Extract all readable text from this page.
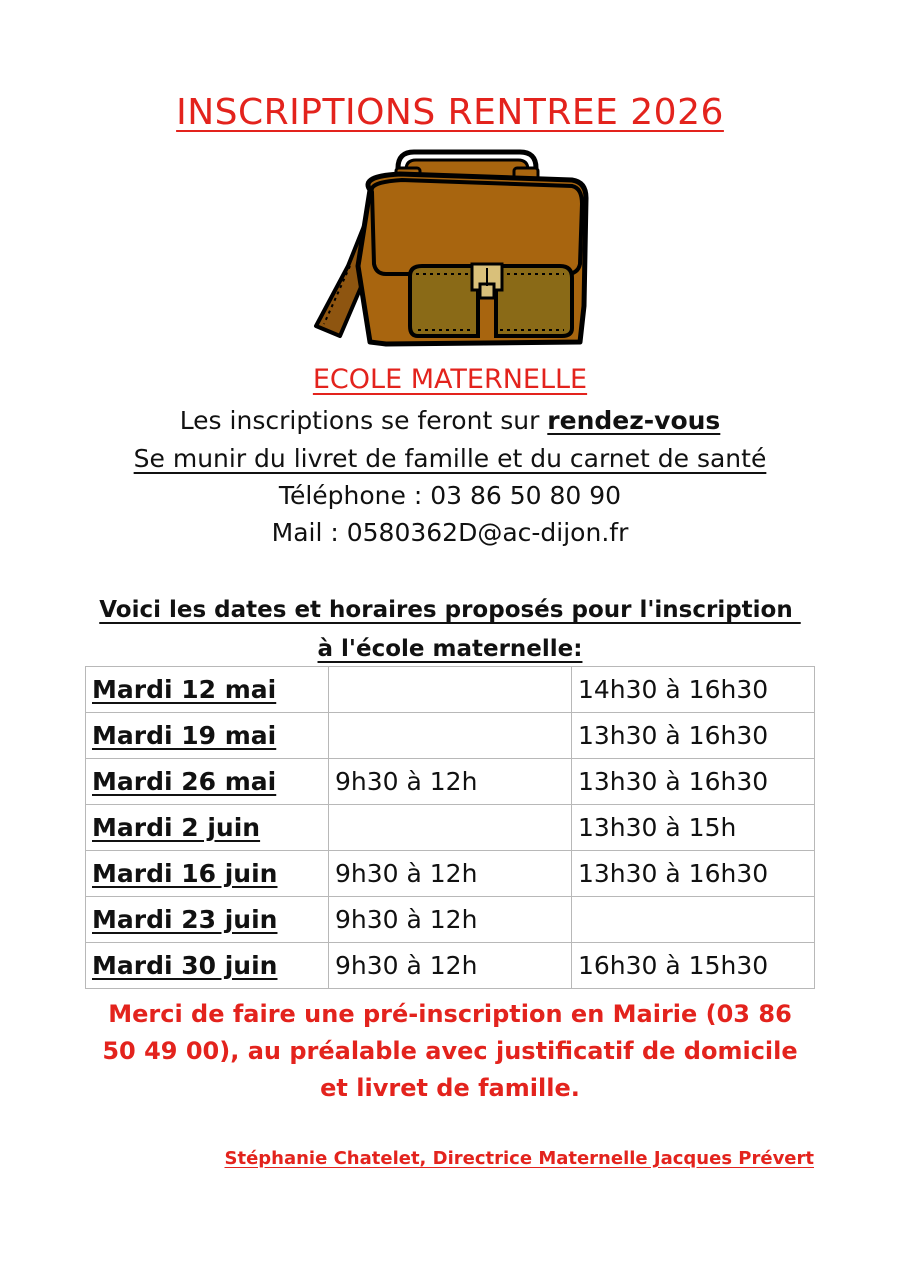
INSCRIPTIONS RENTREE 2026
ECOLE MATERNELLE
Les inscriptions se feront sur rendez-vous
Se munir du livret de famille et du carnet de santé
Téléphone : 03 86 50 80 90
Mail : 0580362D@ac-dijon.fr
Voici les dates et horaires proposés pour l'inscription
à l'école maternelle:
Mardi 12 mai		14h30 à 16h30
Mardi 19 mai		13h30 à 16h30
Mardi 26 mai	9h30 à 12h	13h30 à 16h30
Mardi 2 juin		13h30 à 15h
Mardi 16 juin	9h30 à 12h	13h30 à 16h30
Mardi 23 juin	9h30 à 12h	
Mardi 30 juin	9h30 à 12h	16h30 à 15h30
Merci de faire une pré-inscription en Mairie (03 86 50 49 00), au préalable avec justificatif de domicile et livret de famille.
Stéphanie Chatelet, Directrice Maternelle Jacques Prévert
